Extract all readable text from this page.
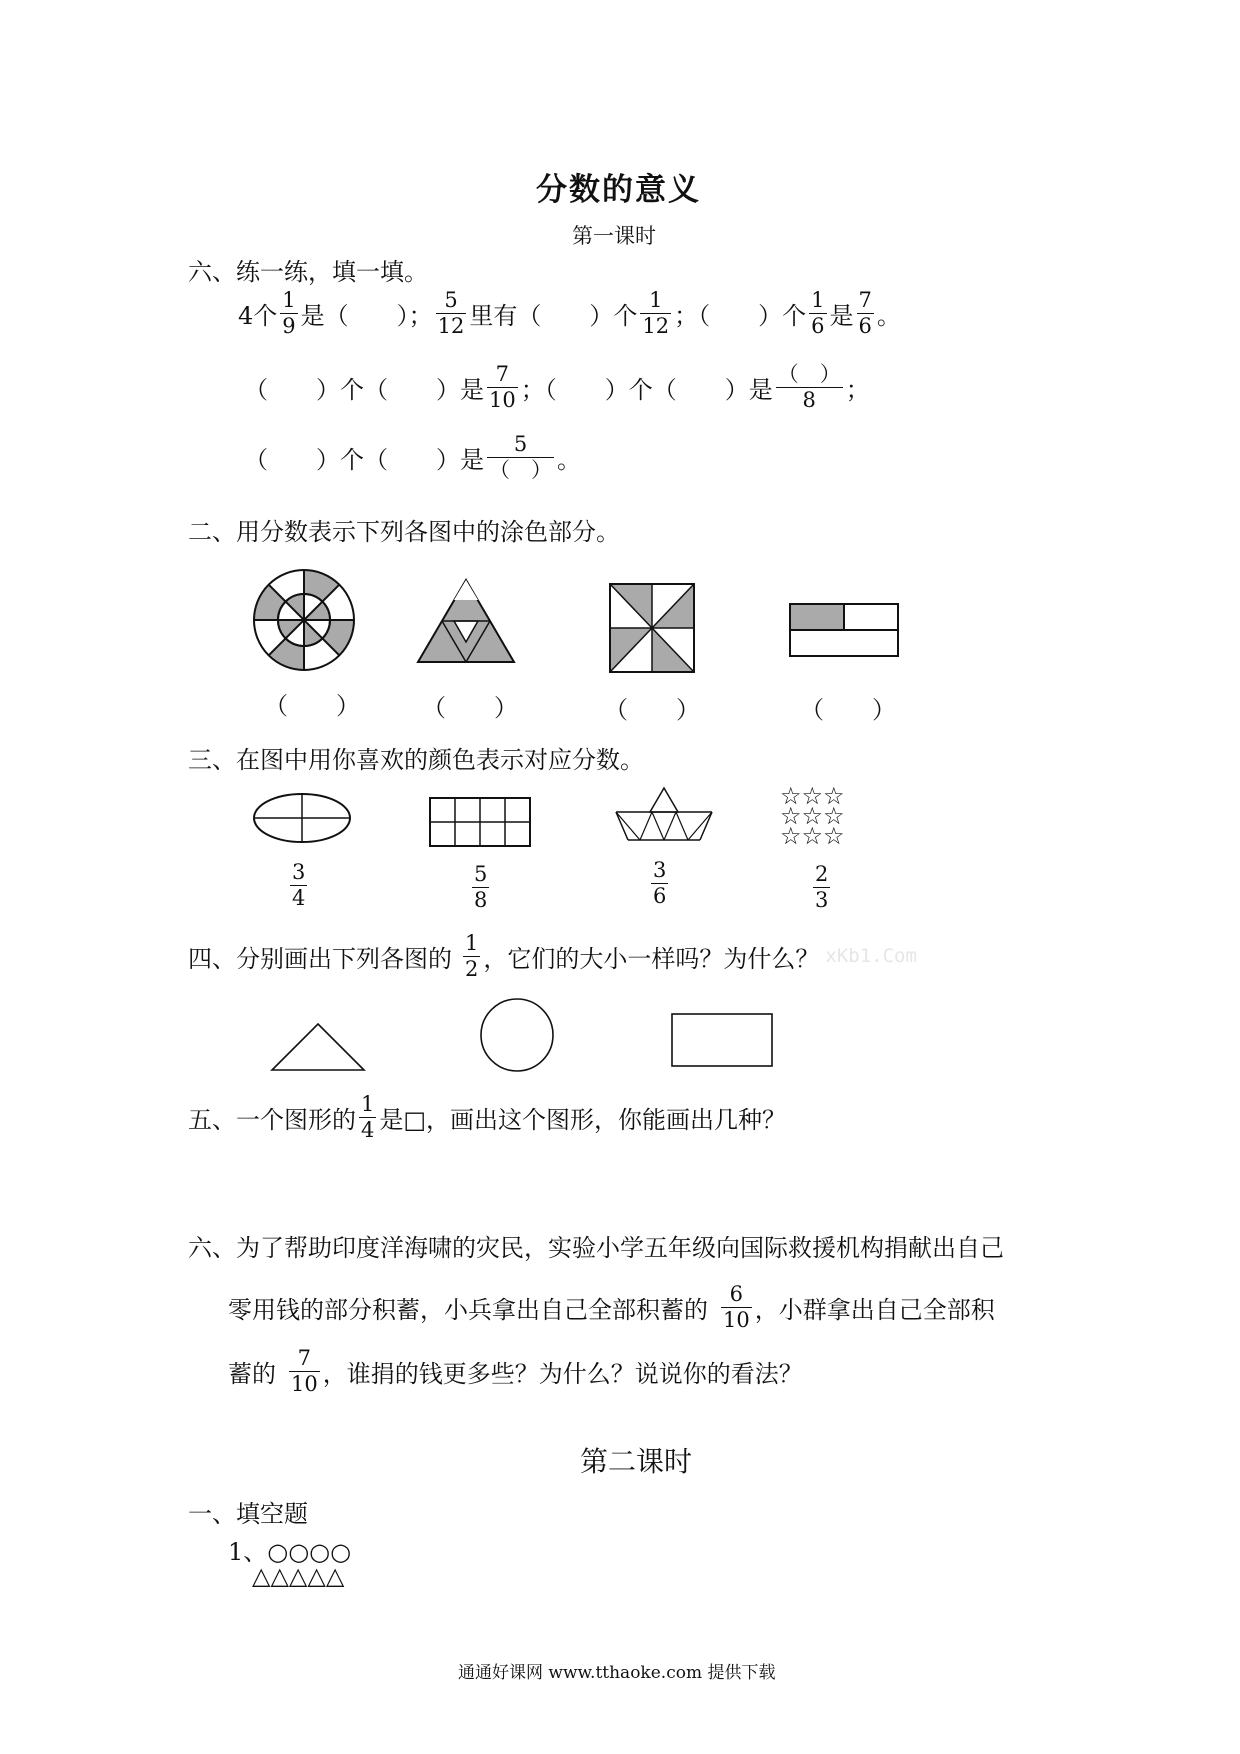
分数的意义
第一课时
六、练一练，填一填。
4个 $\frac{1}{9}$ 是（　　）； $\frac{5}{12}$ 里有（　　）个 $\frac{1}{12}$ ；（　　）个 $\frac{1}{6}$ 是 $\frac{7}{6}$ 。
（　　）个（　　）是 $\frac{7}{10}$ ；（　　）个（　　）是 $\frac{( )}{8}$ ；
（　　）个（　　）是 $\frac{5}{( )}$ 。
二、用分数表示下列各图中的涂色部分。
（　　）	（　　）	（　　）	（　　）
三、在图中用你喜欢的颜色表示对应分数。
☆☆☆
☆☆☆
☆☆☆
$\frac{3}{4}$	$\frac{5}{8}$	$\frac{3}{6}$	$\frac{2}{3}$
四、分别画出下列各图的 $\frac{1}{2}$ ，它们的大小一样吗？为什么？ xKb1.Com
五、一个图形的 $\frac{1}{4}$ 是□，画出这个图形，你能画出几种？
六、为了帮助印度洋海啸的灾民，实验小学五年级向国际救援机构捐献出自己
零用钱的部分积蓄，小兵拿出自己全部积蓄的 $\frac{6}{10}$ ，小群拿出自己全部积
蓄的 $\frac{7}{10}$ ，谁捐的钱更多些？为什么？说说你的看法？
第二课时
一、填空题
1、○○○○
△△△△△
通通好课网 www.tthaoke.com 提供下载
